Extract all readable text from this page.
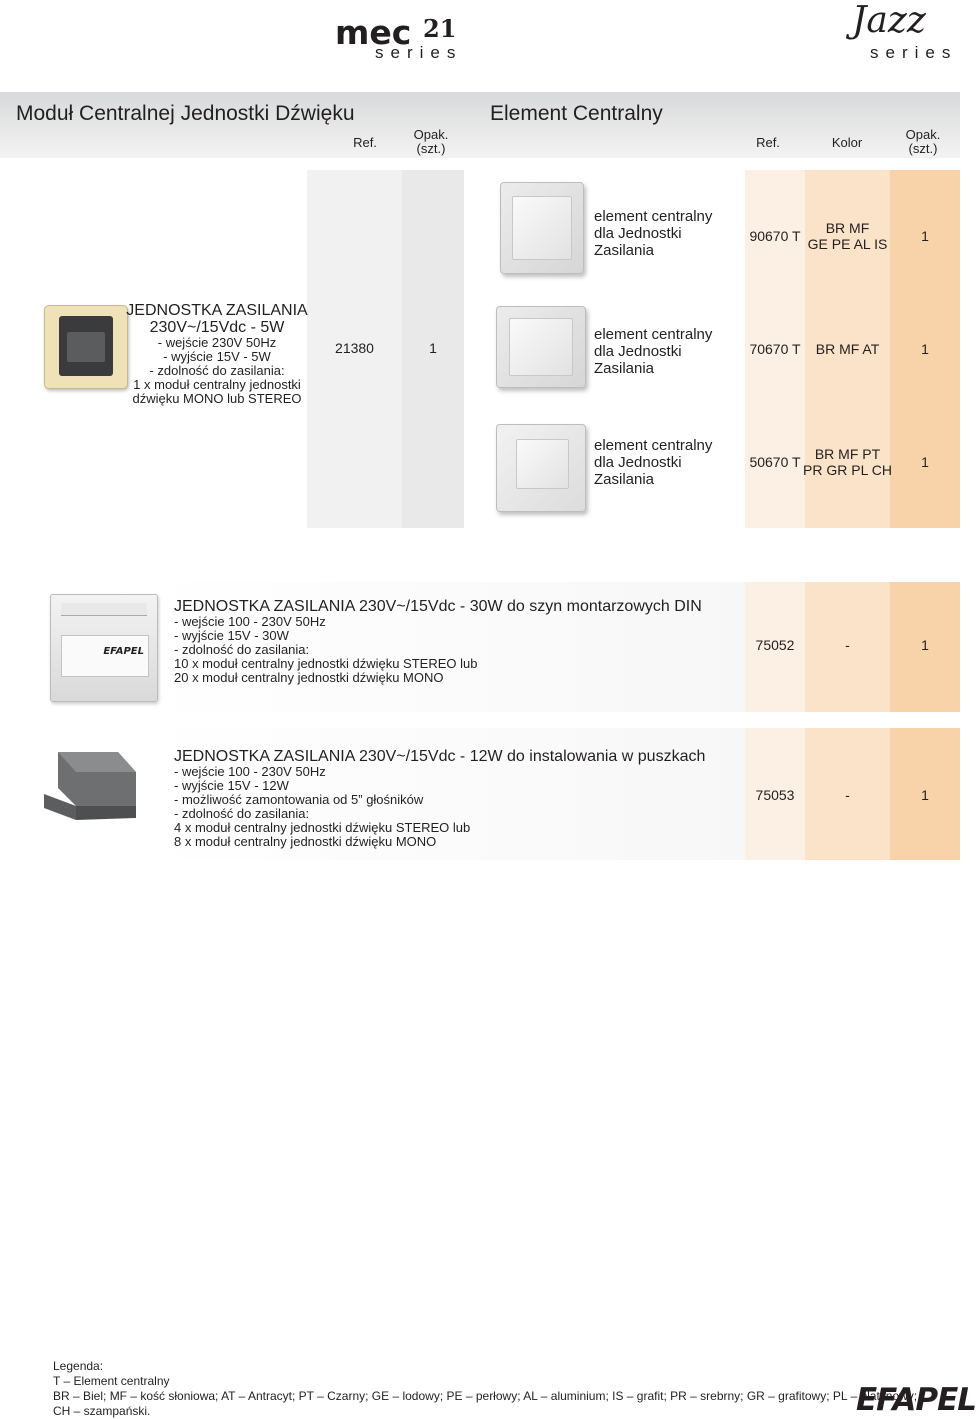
mec 21
series
Jazz
series
Moduł Centralnej Jednostki Dźwięku
Ref.
Opak.
(szt.)
Element Centralny
Ref.	Kolor
Opak.
(szt.)
JEDNOSTKA ZASILANIA
230V~/15Vdc - 5W
- wejście 230V 50Hz
- wyjście 15V - 5W
- zdolność do zasilania:
1 x moduł centralny jednostki
dźwięku MONO lub STEREO
21380	1
element centralny
dla Jednostki
Zasilania
90670 T	BR MF
GE PE AL IS	1
element centralny
dla Jednostki
Zasilania
70670 T	BR MF AT	1
element centralny
dla Jednostki
Zasilania
50670 T	BR MF PT
PR GR PL CH	1
EFAPEL
JEDNOSTKA ZASILANIA 230V~/15Vdc - 30W do szyn montarzowych DIN
- wejście 100 - 230V 50Hz
- wyjście 15V - 30W
- zdolność do zasilania:
10 x moduł centralny jednostki dźwięku STEREO lub
20 x moduł centralny jednostki dźwięku MONO
75052	-	1
JEDNOSTKA ZASILANIA 230V~/15Vdc - 12W do instalowania w puszkach
- wejście 100 - 230V 50Hz
- wyjście 15V - 12W
- możliwość zamontowania od 5” głośników
- zdolność do zasilania:
4 x moduł centralny jednostki dźwięku STEREO lub
8 x moduł centralny jednostki dźwięku MONO
75053	-	1
Legenda:
T – Element centralny
BR – Biel; MF – kość słoniowa; AT – Antracyt; PT – Czarny; GE – lodowy; PE – perłowy; AL – aluminium; IS – grafit; PR – srebrny; GR – grafitowy; PL – platynowy;
CH – szampański.	EFAPEL
